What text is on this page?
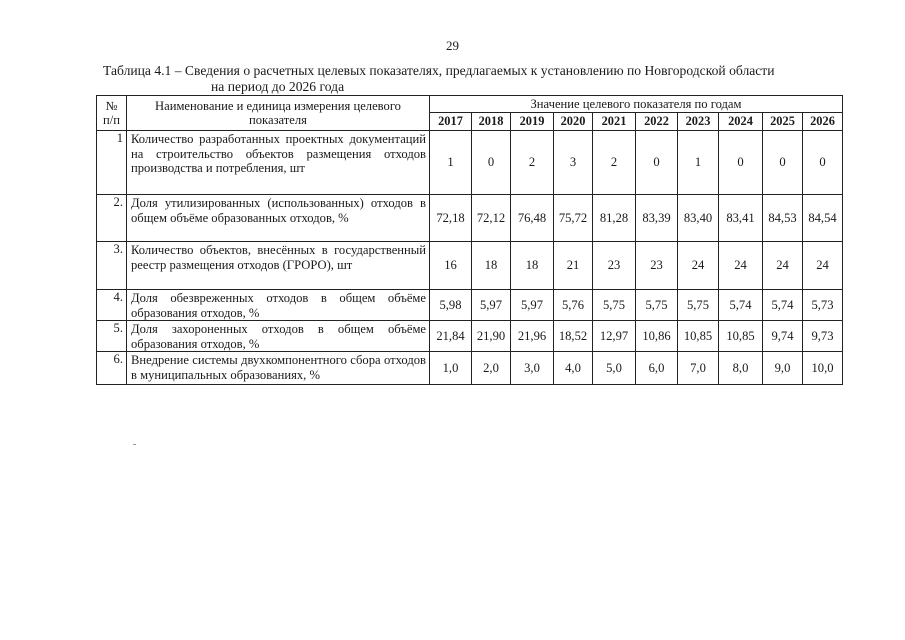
29
Таблица 4.1 – Сведения о расчетных целевых показателях, предлагаемых к установлению по Новгородской области
на период до 2026 года
№ п/п	Наименование и единица измерения целевого показателя	Значение целевого показателя по годам									
		2017	2018	2019	2020	2021	2022	2023	2024	2025	2026
1	Количество разработанных проектных документаций на строительство объектов размещения отходов производства и потребления, шт	1	0	2	3	2	0	1	0	0	0
2.	Доля утилизированных (использованных) отходов в общем объёме образованных отходов, %	72,18	72,12	76,48	75,72	81,28	83,39	83,40	83,41	84,53	84,54
3.	Количество объектов, внесённых в государственный реестр размещения отходов (ГРОРО), шт	16	18	18	21	23	23	24	24	24	24
4.	Доля обезвреженных отходов в общем объёме образования отходов, %	5,98	5,97	5,97	5,76	5,75	5,75	5,75	5,74	5,74	5,73
5.	Доля захороненных отходов в общем объёме образования отходов, %	21,84	21,90	21,96	18,52	12,97	10,86	10,85	10,85	9,74	9,73
6.	Внедрение системы двухкомпонентного сбора отходов в муниципальных образованиях, %	1,0	2,0	3,0	4,0	5,0	6,0	7,0	8,0	9,0	10,0
